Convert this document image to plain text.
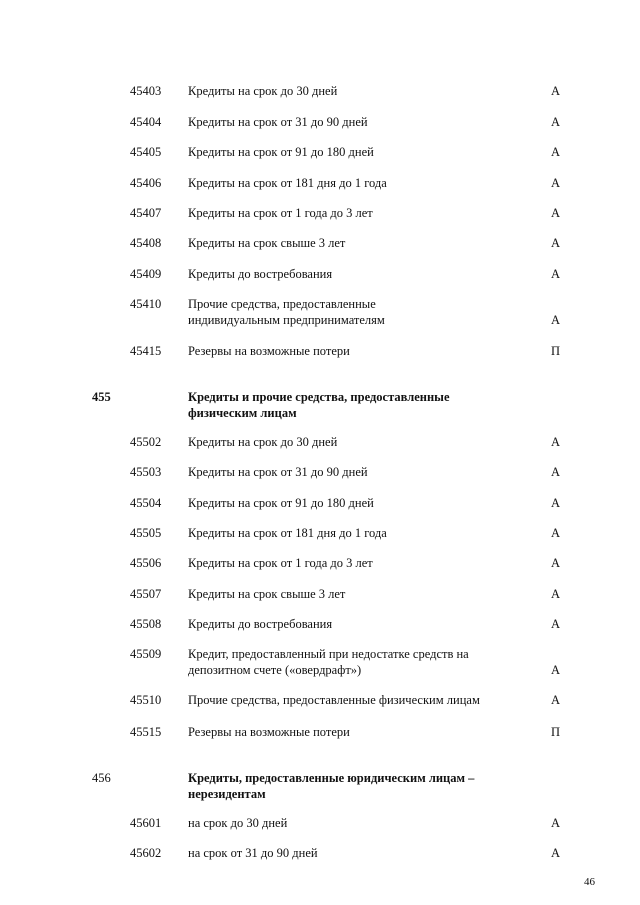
45403 Кредиты на срок до 30 дней	А
45404 Кредиты на срок от 31 до 90 дней	А
45405 Кредиты на срок от 91 до 180 дней	А
45406 Кредиты на срок от 181 дня до 1 года	А
45407 Кредиты на срок от 1 года до 3 лет	А
45408 Кредиты на срок свыше 3 лет	А
45409 Кредиты до востребования	А
45410 Прочие средства, предоставленные индивидуальным предпринимателям	А
45415 Резервы на возможные потери	П
455	Кредиты и прочие средства, предоставленные физическим лицам
45502 Кредиты на срок до 30 дней	А
45503 Кредиты на срок от 31 до 90 дней	А
45504 Кредиты на срок от 91 до 180 дней	А
45505 Кредиты на срок от 181 дня до 1 года	А
45506 Кредиты на срок от 1 года до 3 лет	А
45507 Кредиты на срок свыше 3 лет	А
45508 Кредиты до востребования	А
45509 Кредит, предоставленный при недостатке средств на депозитном счете («овердрафт»)	А
45510 Прочие средства, предоставленные физическим лицам	А
45515 Резервы на возможные потери	П
456	Кредиты, предоставленные юридическим лицам – нерезидентам
45601 на срок до 30 дней	А
45602 на срок от 31 до 90 дней	А
46
